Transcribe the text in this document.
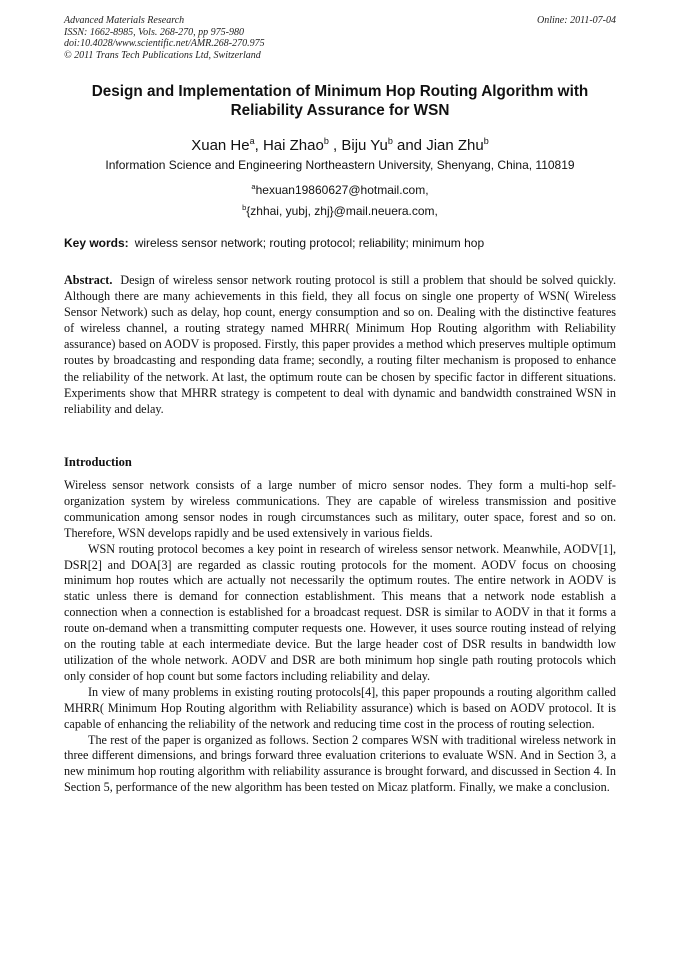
Advanced Materials Research
ISSN: 1662-8985, Vols. 268-270, pp 975-980
doi:10.4028/www.scientific.net/AMR.268-270.975
© 2011 Trans Tech Publications Ltd, Switzerland
Online: 2011-07-04
Design and Implementation of Minimum Hop Routing Algorithm with Reliability Assurance for WSN
Xuan He$^a$, Hai Zhao$^b$ , Biju Yu$^b$ and Jian Zhu$^b$
Information Science and Engineering Northeastern University, Shenyang, China, 110819
$^a$hexuan19860627@hotmail.com,
$^b${zhhai, yubj, zhj}@mail.neuera.com,
Key words: wireless sensor network; routing protocol; reliability; minimum hop
Abstract. Design of wireless sensor network routing protocol is still a problem that should be solved quickly. Although there are many achievements in this field, they all focus on single one property of WSN( Wireless Sensor Network) such as delay, hop count, energy consumption and so on. Dealing with the distinctive features of wireless channel, a routing strategy named MHRR( Minimum Hop Routing algorithm with Reliability assurance) based on AODV is proposed. Firstly, this paper provides a method which preserves multiple optimum routes by broadcasting and responding data frame; secondly, a routing filter mechanism is proposed to enhance the reliability of the network. At last, the optimum route can be chosen by specific factor in different situations. Experiments show that MHRR strategy is competent to deal with dynamic and bandwidth constrained WSN in reliability and delay.
Introduction

Wireless sensor network consists of a large number of micro sensor nodes. They form a multi-hop self-organization system by wireless communications. They are capable of wireless transmission and positive communication among sensor nodes in rough circumstances such as military, outer space, forest and so on. Therefore, WSN develops rapidly and be used extensively in various fields.

WSN routing protocol becomes a key point in research of wireless sensor network. Meanwhile, AODV[1], DSR[2] and DOA[3] are regarded as classic routing protocols for the moment. AODV focus on choosing minimum hop routes which are actually not necessarily the optimum routes. The entire network in AODV is static unless there is demand for connection establishment. This means that a network node establish a connection when a connection is established for a broadcast request. DSR is similar to AODV in that it forms a route on-demand when a transmitting computer requests one. However, it uses source routing instead of relying on the routing table at each intermediate device. But the large header cost of DSR results in bandwidth low utilization of the whole network. AODV and DSR are both minimum hop single path routing protocols which only consider of hop count but some factors including reliability and delay.

In view of many problems in existing routing protocols[4], this paper propounds a routing algorithm called MHRR( Minimum Hop Routing algorithm with Reliability assurance) which is based on AODV protocol. It is capable of enhancing the reliability of the network and reducing time cost in the process of routing selection.

The rest of the paper is organized as follows. Section 2 compares WSN with traditional wireless network in three different dimensions, and brings forward three evaluation criterions to evaluate WSN. And in Section 3, a new minimum hop routing algorithm with reliability assurance is brought forward, and discussed in Section 4. In Section 5, performance of the new algorithm has been tested on Micaz platform. Finally, we make a conclusion.
